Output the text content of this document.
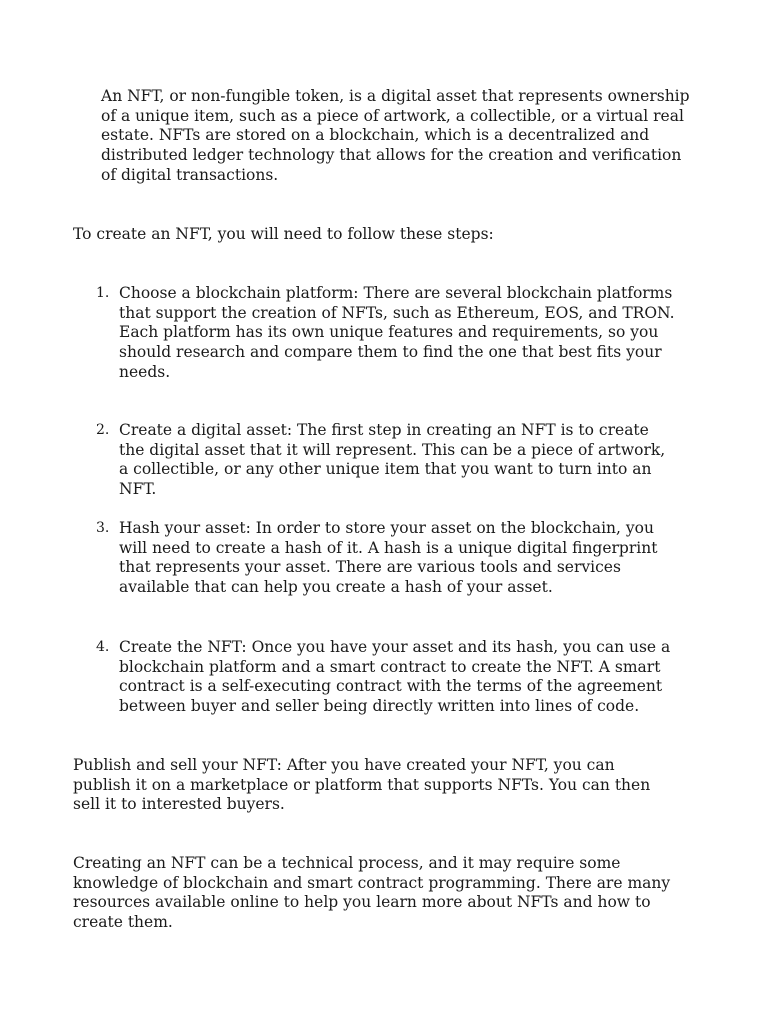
An NFT, or non-fungible token, is a digital asset that represents ownership of a unique item, such as a piece of artwork, a collectible, or a virtual real estate. NFTs are stored on a blockchain, which is a decentralized and distributed ledger technology that allows for the creation and verification of digital transactions.

To create an NFT, you will need to follow these steps:

1. Choose a blockchain platform: There are several blockchain platforms that support the creation of NFTs, such as Ethereum, EOS, and TRON. Each platform has its own unique features and requirements, so you should research and compare them to find the one that best fits your needs.
2. Create a digital asset: The first step in creating an NFT is to create the digital asset that it will represent. This can be a piece of artwork, a collectible, or any other unique item that you want to turn into an NFT.
3. Hash your asset: In order to store your asset on the blockchain, you will need to create a hash of it. A hash is a unique digital fingerprint that represents your asset. There are various tools and services available that can help you create a hash of your asset.
4. Create the NFT: Once you have your asset and its hash, you can use a blockchain platform and a smart contract to create the NFT. A smart contract is a self-executing contract with the terms of the agreement between buyer and seller being directly written into lines of code.

Publish and sell your NFT: After you have created your NFT, you can publish it on a marketplace or platform that supports NFTs. You can then sell it to interested buyers.

Creating an NFT can be a technical process, and it may require some knowledge of blockchain and smart contract programming. There are many resources available online to help you learn more about NFTs and how to create them.
